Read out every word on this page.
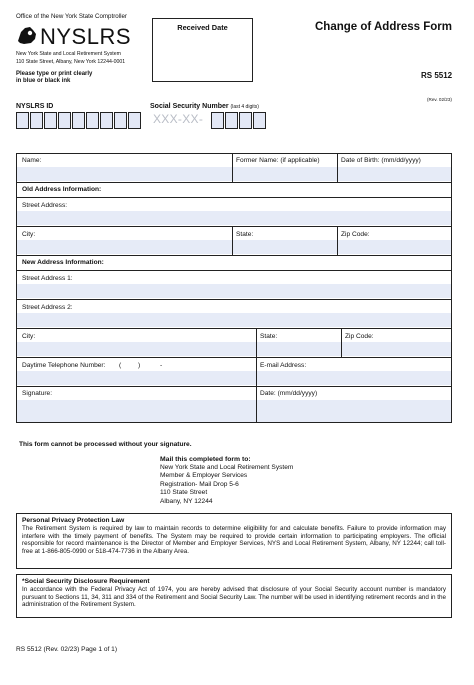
Office of the New York State Comptroller
NYSLRS
New York State and Local Retirement System
110 State Street, Albany, New York 12244-0001
Please type or print clearly
in blue or black ink
Received Date	Change of Address Form
RS 5512
(Rev. 02/23)
NYSLRS ID	Social Security Number (last 4 digits)
XXX-XX-
Name:	Former Name: (if applicable)	Date of Birth: (mm/dd/yyyy)
Old Address Information:
Street Address:
City:	State:	Zip Code:
New Address Information:
Street Address 1:
Street Address 2:
City:	State:	Zip Code:
Daytime Telephone Number: (	)	-	E-mail Address:
Signature:	Date: (mm/dd/yyyy)
This form cannot be processed without your signature.
Mail this completed form to:
New York State and Local Retirement System
Member & Employer Services
Registration- Mail Drop 5-6
110 State Street
Albany, NY 12244
Personal Privacy Protection Law
The Retirement System is required by law to maintain records to determine eligibility for and calculate benefits. Failure to provide information may interfere with the timely payment of benefits. The System may be required to provide certain information to participating employers. The official responsible for record maintenance is the Director of Member and Employer Services, NYS and Local Retirement System, Albany, NY 12244; call toll-free at 1-866-805-0990 or 518-474-7736 in the Albany Area.
*Social Security Disclosure Requirement
In accordance with the Federal Privacy Act of 1974, you are hereby advised that disclosure of your Social Security account number is mandatory pursuant to Sections 11, 34, 311 and 334 of the Retirement and Social Security Law. The number will be used in identifying retirement records and in the administration of the Retirement System.
RS 5512 (Rev. 02/23) Page 1 of 1)
